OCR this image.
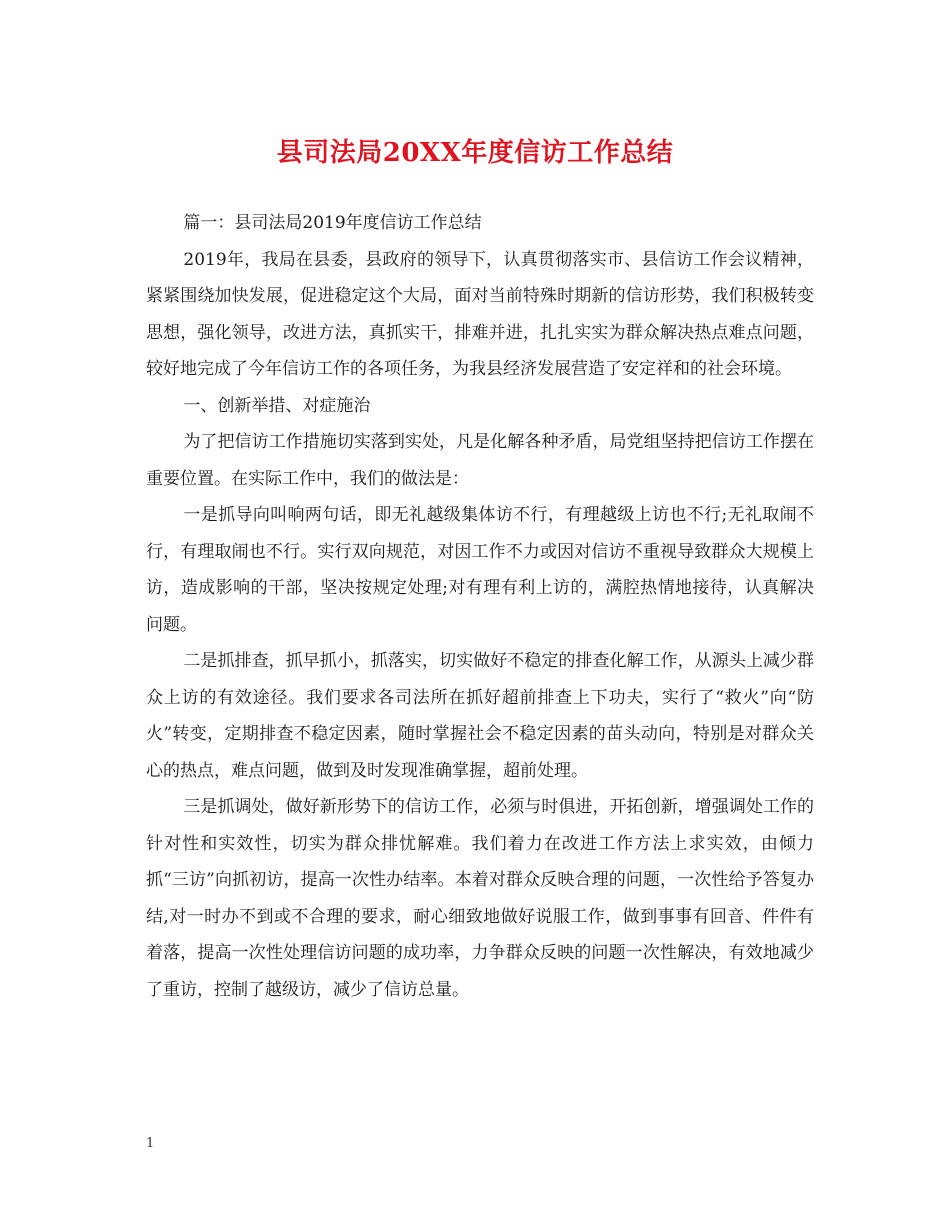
县司法局20XX年度信访工作总结

篇一：县司法局2019年度信访工作总结

2019年，我局在县委，县政府的领导下，认真贯彻落实市、县信访工作会议精神，紧紧围绕加快发展，促进稳定这个大局，面对当前特殊时期新的信访形势，我们积极转变思想，强化领导，改进方法，真抓实干，排难并进，扎扎实实为群众解决热点难点问题，较好地完成了今年信访工作的各项任务，为我县经济发展营造了安定祥和的社会环境。

一、创新举措、对症施治

为了把信访工作措施切实落到实处，凡是化解各种矛盾，局党组坚持把信访工作摆在重要位置。在实际工作中，我们的做法是：

一是抓导向叫响两句话，即无礼越级集体访不行，有理越级上访也不行;无礼取闹不行，有理取闹也不行。实行双向规范，对因工作不力或因对信访不重视导致群众大规模上访，造成影响的干部，坚决按规定处理;对有理有利上访的，满腔热情地接待，认真解决问题。

二是抓排查，抓早抓小，抓落实，切实做好不稳定的排查化解工作，从源头上减少群众上访的有效途径。我们要求各司法所在抓好超前排查上下功夫，实行了“救火”向“防火”转变，定期排查不稳定因素，随时掌握社会不稳定因素的苗头动向，特别是对群众关心的热点，难点问题，做到及时发现准确掌握，超前处理。

三是抓调处，做好新形势下的信访工作，必须与时俱进，开拓创新，增强调处工作的针对性和实效性，切实为群众排忧解难。我们着力在改进工作方法上求实效，由倾力抓“三访”向抓初访，提高一次性办结率。本着对群众反映合理的问题，一次性给予答复办结,对一时办不到或不合理的要求，耐心细致地做好说服工作，做到事事有回音、件件有着落，提高一次性处理信访问题的成功率，力争群众反映的问题一次性解决，有效地减少了重访，控制了越级访，减少了信访总量。

1
